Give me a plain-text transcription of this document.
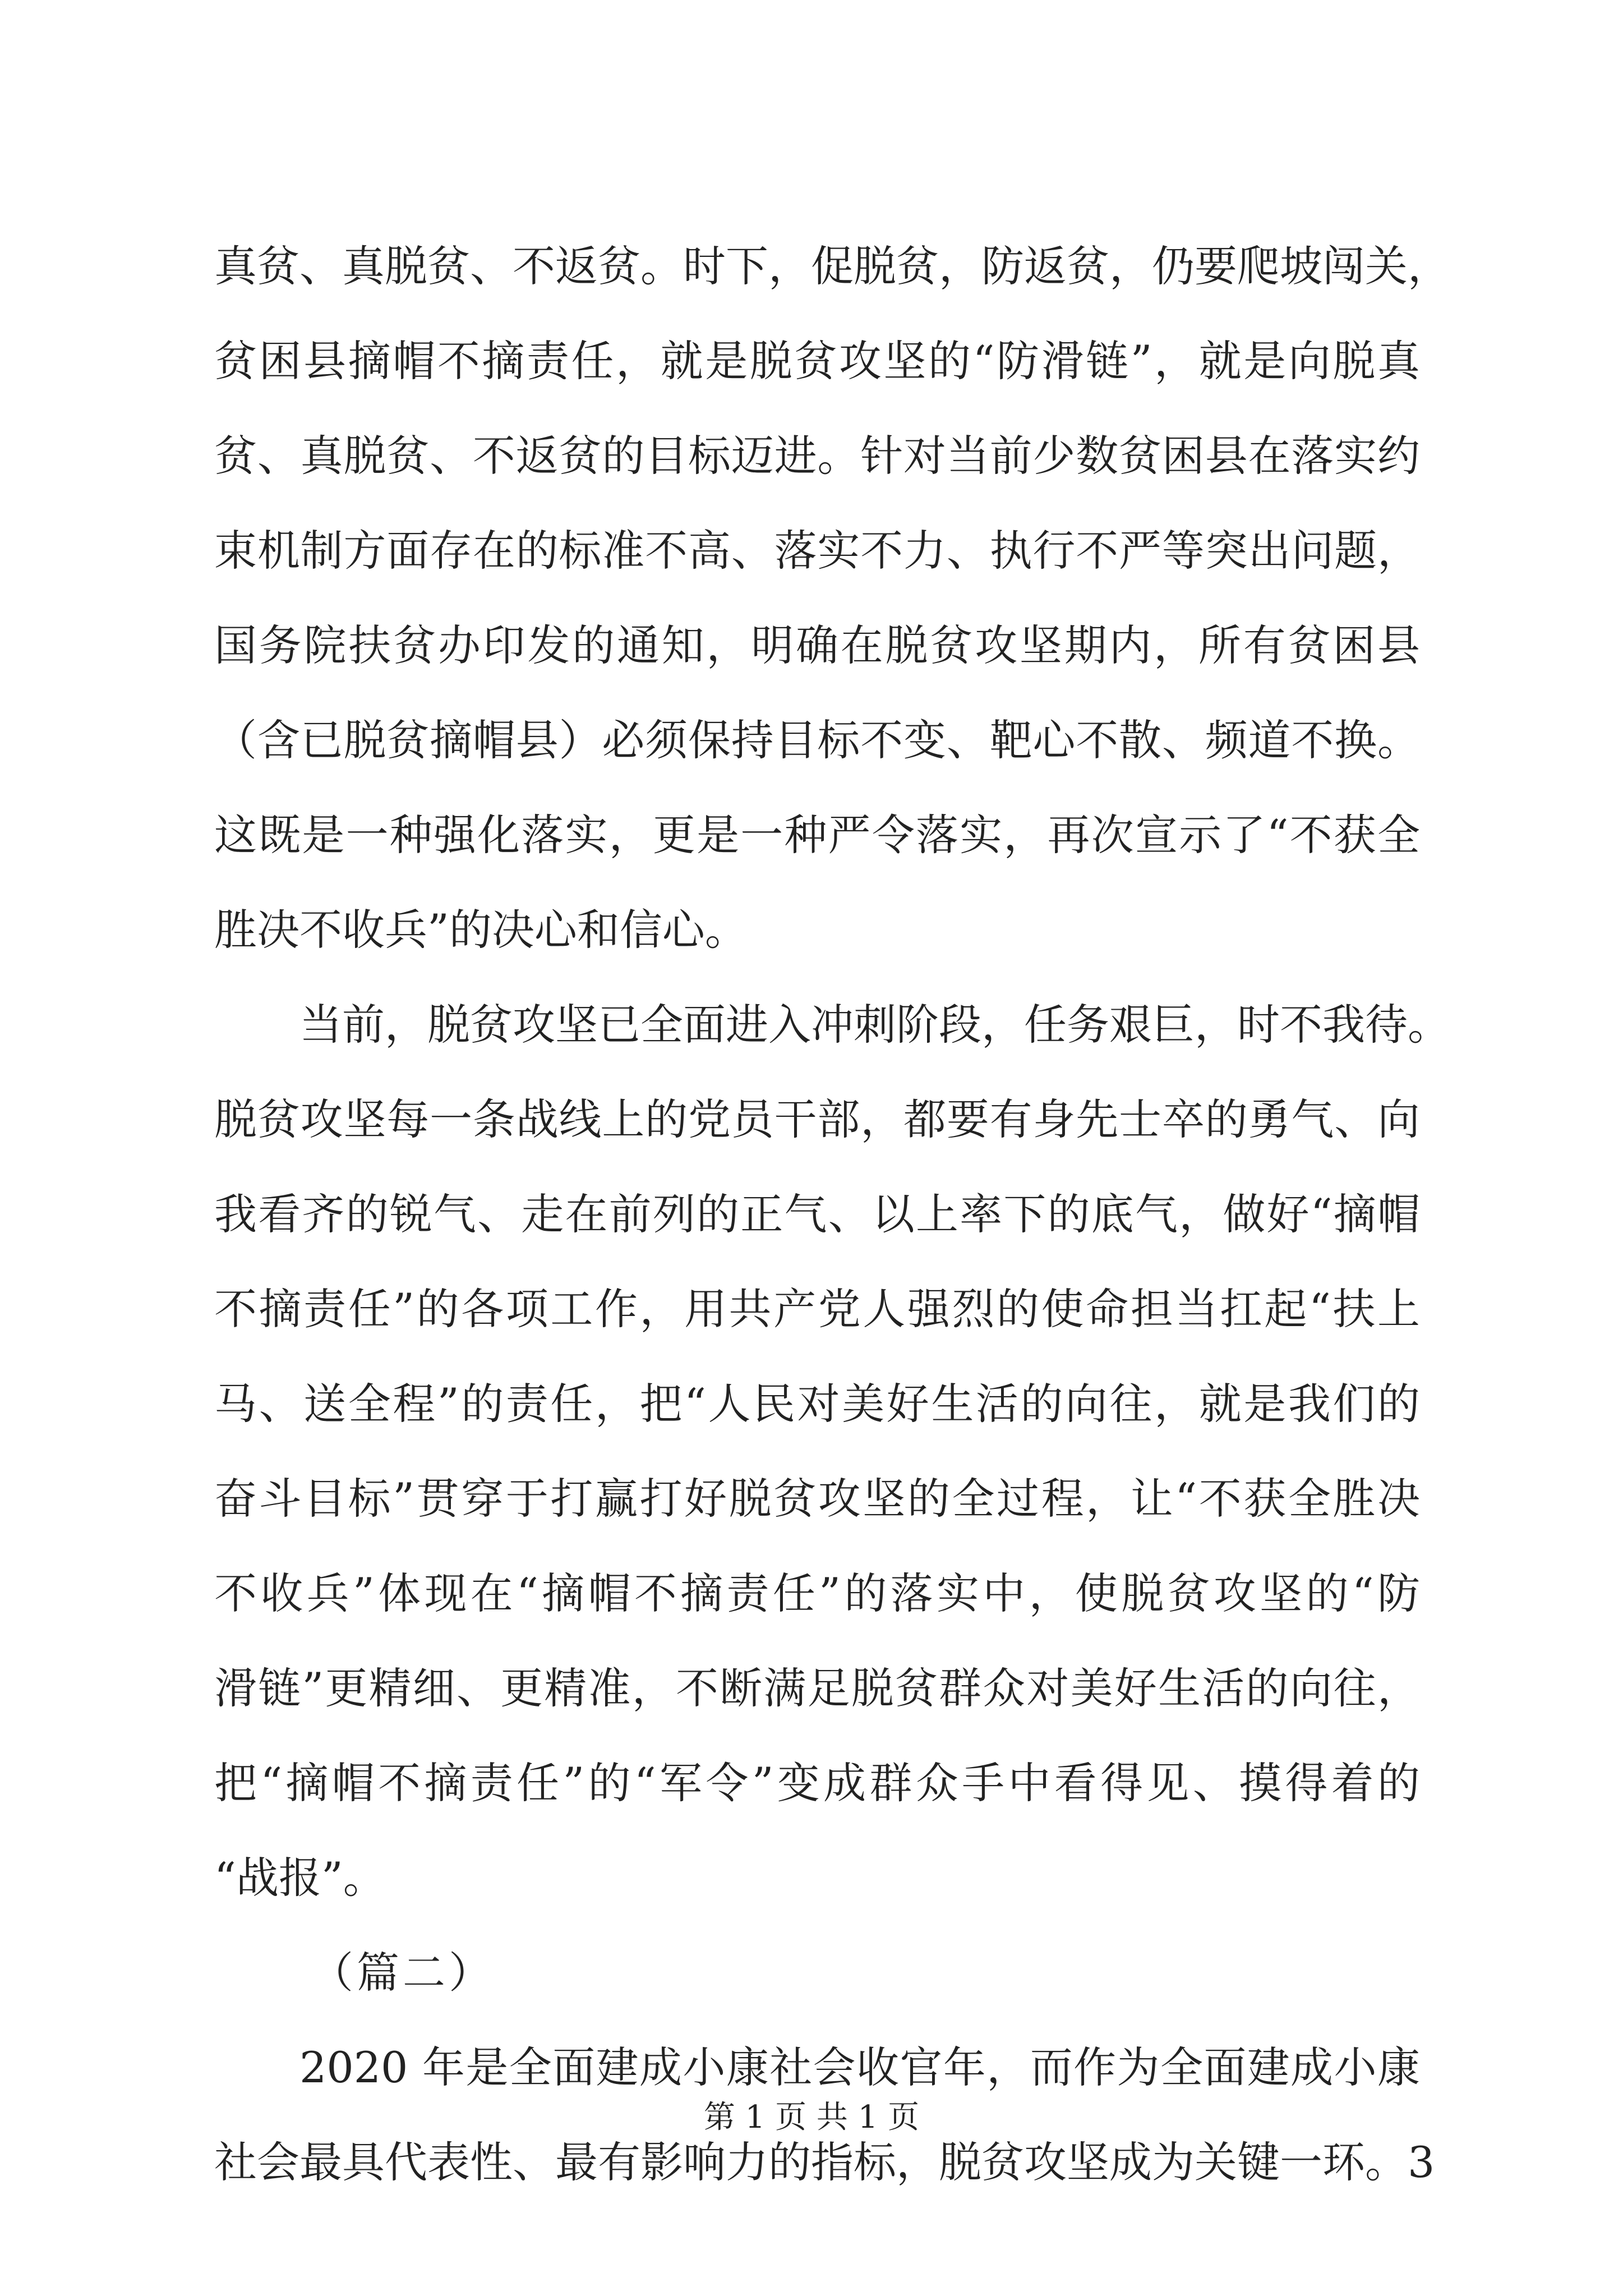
真贫、真脱贫、不返贫。时下，促脱贫，防返贫，仍要爬坡闯关，
贫困县摘帽不摘责任，就是脱贫攻坚的“防滑链”，就是向脱真
贫、真脱贫、不返贫的目标迈进。针对当前少数贫困县在落实约
束机制方面存在的标准不高、落实不力、执行不严等突出问题，
国务院扶贫办印发的通知，明确在脱贫攻坚期内，所有贫困县
（含已脱贫摘帽县）必须保持目标不变、靶心不散、频道不换。
这既是一种强化落实，更是一种严令落实，再次宣示了“不获全
胜决不收兵”的决心和信心。
当前，脱贫攻坚已全面进入冲刺阶段，任务艰巨，时不我待。
脱贫攻坚每一条战线上的党员干部，都要有身先士卒的勇气、向
我看齐的锐气、走在前列的正气、以上率下的底气，做好“摘帽
不摘责任”的各项工作，用共产党人强烈的使命担当扛起“扶上
马、送全程”的责任，把“人民对美好生活的向往，就是我们的
奋斗目标”贯穿于打赢打好脱贫攻坚的全过程，让“不获全胜决
不收兵”体现在“摘帽不摘责任”的落实中，使脱贫攻坚的“防
滑链”更精细、更精准，不断满足脱贫群众对美好生活的向往，
把“摘帽不摘责任”的“军令”变成群众手中看得见、摸得着的
“战报”。
（篇二）
2020 年是全面建成小康社会收官年，而作为全面建成小康
社会最具代表性、最有影响力的指标，脱贫攻坚成为关键一环。3
第 1 页 共 1 页
